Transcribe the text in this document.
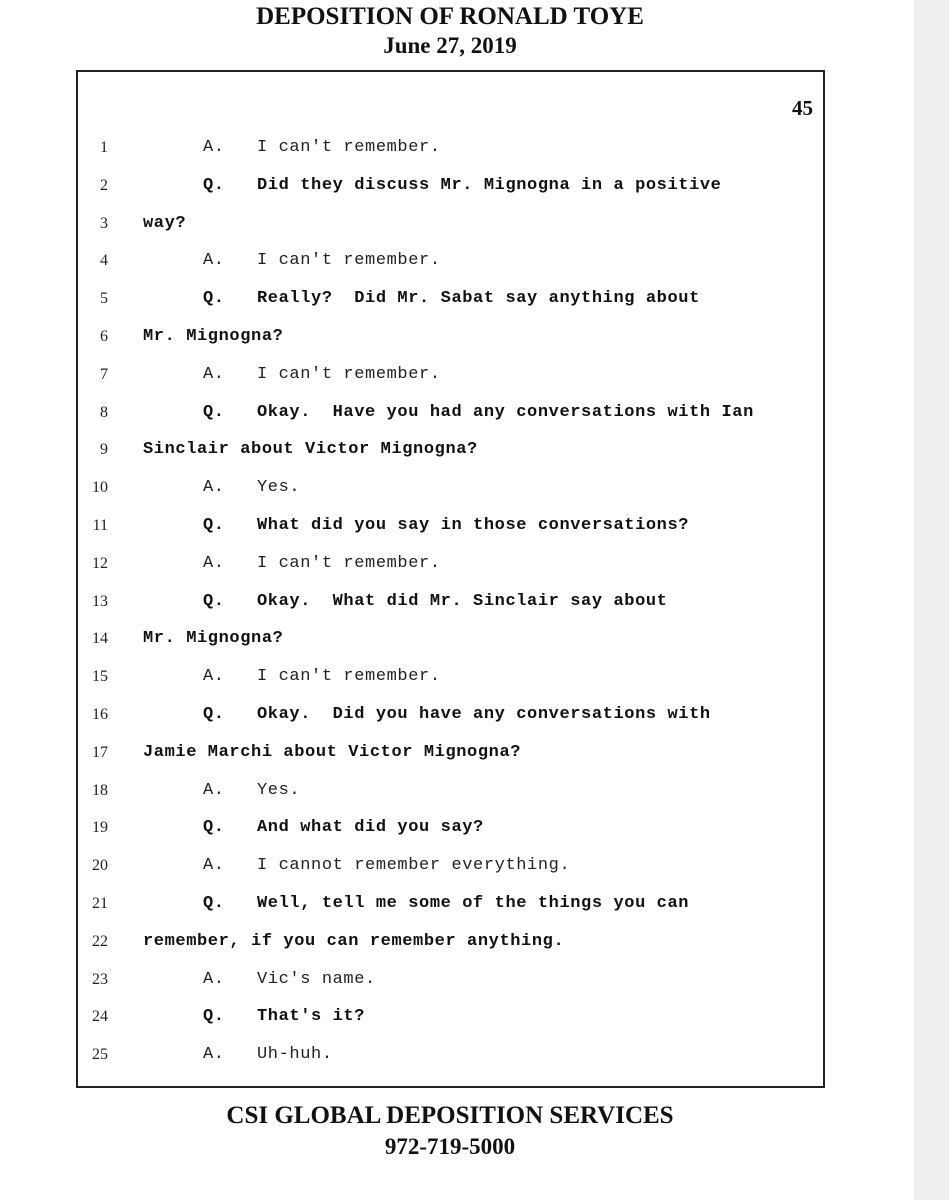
DEPOSITION OF RONALD TOYE
June 27, 2019
45
1	A.   I can't remember.
2	Q.   Did they discuss Mr. Mignogna in a positive
3 way?
4	A.   I can't remember.
5	Q.   Really?  Did Mr. Sabat say anything about
6 Mr. Mignogna?
7	A.   I can't remember.
8	Q.   Okay.  Have you had any conversations with Ian
9 Sinclair about Victor Mignogna?
10	A.   Yes.
11	Q.   What did you say in those conversations?
12	A.   I can't remember.
13	Q.   Okay.  What did Mr. Sinclair say about
14 Mr. Mignogna?
15	A.   I can't remember.
16	Q.   Okay.  Did you have any conversations with
17 Jamie Marchi about Victor Mignogna?
18	A.   Yes.
19	Q.   And what did you say?
20	A.   I cannot remember everything.
21	Q.   Well, tell me some of the things you can
22 remember, if you can remember anything.
23	A.   Vic's name.
24	Q.   That's it?
25	A.   Uh-huh.
CSI GLOBAL DEPOSITION SERVICES
972-719-5000
